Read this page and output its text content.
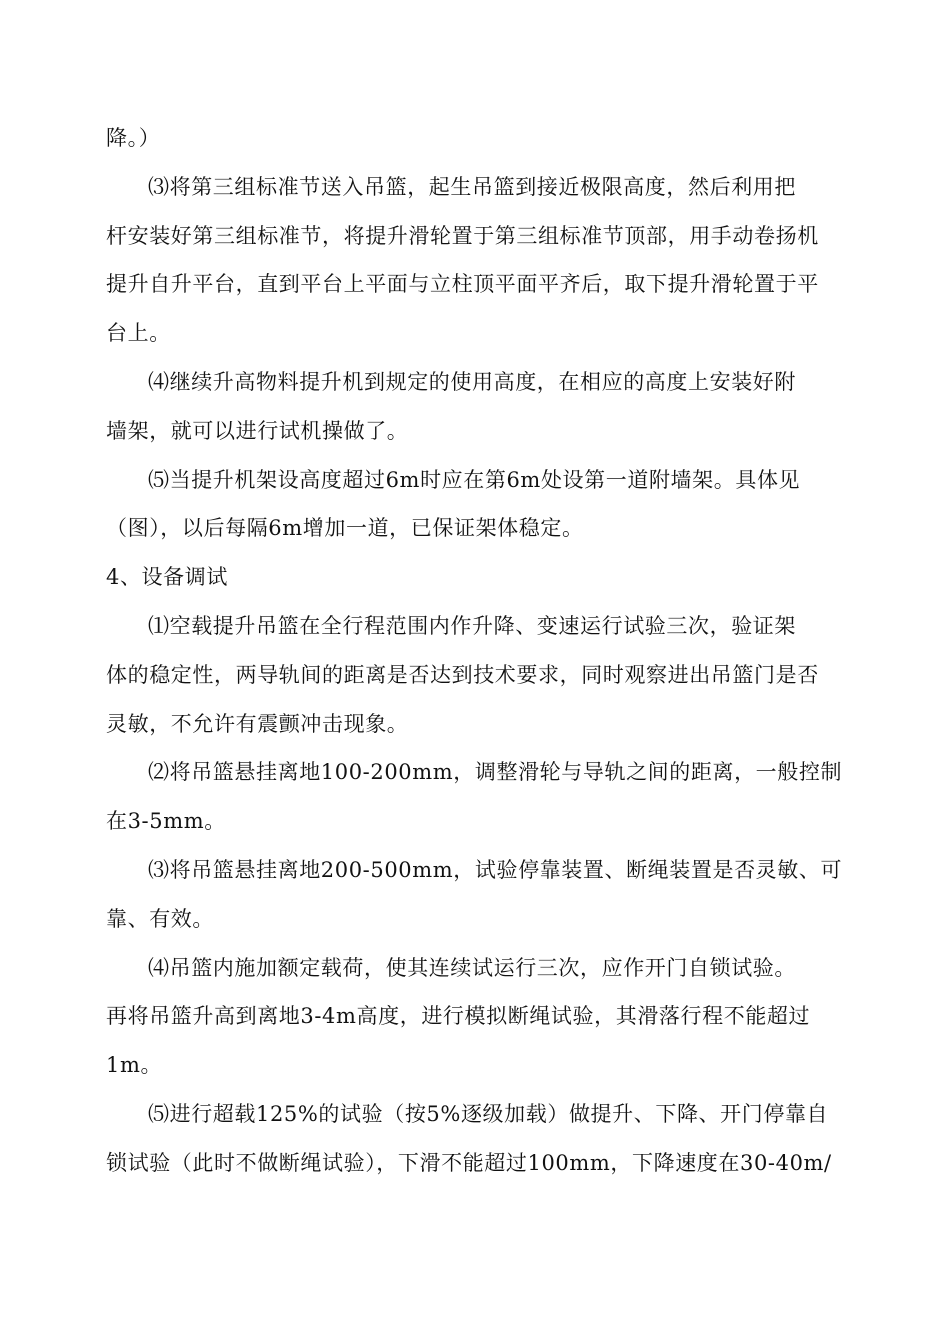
降。）
⑶将第三组标准节送入吊篮，起生吊篮到接近极限高度，然后利用把
杆安装好第三组标准节，将提升滑轮置于第三组标准节顶部，用手动卷扬机
提升自升平台，直到平台上平面与立柱顶平面平齐后，取下提升滑轮置于平
台上。
⑷继续升高物料提升机到规定的使用高度，在相应的高度上安装好附
墙架，就可以进行试机操做了。
⑸当提升机架设高度超过6m时应在第6m处设第一道附墙架。具体见
（图），以后每隔6m增加一道，已保证架体稳定。
4、设备调试
⑴空载提升吊篮在全行程范围内作升降、变速运行试验三次，验证架
体的稳定性，两导轨间的距离是否达到技术要求，同时观察进出吊篮门是否
灵敏，不允许有震颤冲击现象。
⑵将吊篮悬挂离地100-200mm，调整滑轮与导轨之间的距离，一般控制
在3-5mm。
⑶将吊篮悬挂离地200-500mm，试验停靠装置、断绳装置是否灵敏、可
靠、有效。
⑷吊篮内施加额定载荷，使其连续试运行三次，应作开门自锁试验。
再将吊篮升高到离地3-4m高度，进行模拟断绳试验，其滑落行程不能超过
1m。
⑸进行超载125%的试验（按5%逐级加载）做提升、下降、开门停靠自
锁试验（此时不做断绳试验），下滑不能超过100mm，下降速度在30-40m/
